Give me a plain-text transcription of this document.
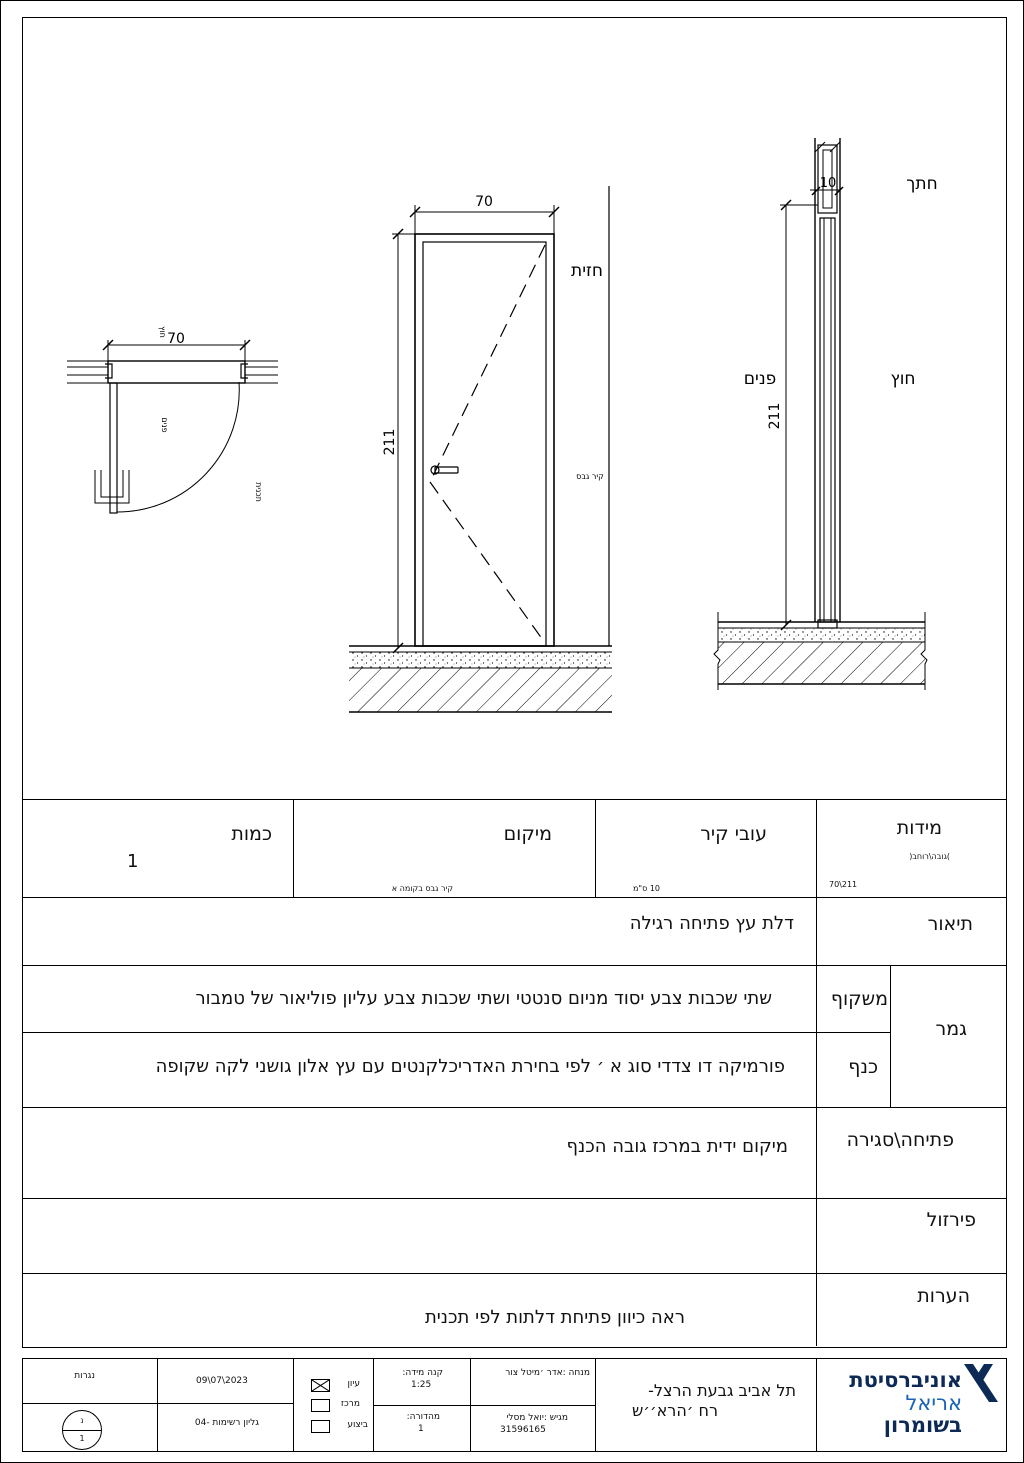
70
חוץ
פנים
תכנית
70
211
חזית
קיר גבס
10
211
חתך
פנים	חוץ
מידות
)גובה\רוחב(
70\211
עובי קיר
10 ס"מ
מיקום
קיר גבס בקומה א
כמות
1
תיאור
דלת עץ פתיחה רגילה
גמר
משקוף
שתי שכבות צבע יסוד מניום סנטטי ושתי שכבות צבע עליון פוליאור של טמבור
כנף
פורמיקה דו צדדי סוג א ׳ לפי בחירת האדריכלקנטים עם עץ אלון גושני לקה שקופה
פתיחה\סגירה
מיקום ידית במרכז גובה הכנף
פירזול
הערות
ראה כיוון פתיחת דלתות לפי תכנית
אוניברסיטת
אריאל
בשומרון
תל אביב גבעת הרצל-
רח ׳הרא׳׳ש
מנחה :אדר ׳מיטל צור
מגיש :יואל מסלי
31596165
קנה מידה:
1:25
מהדורה:
1
עיון
מרכז
ביצוע
09\07\2023
גליון רשימות -04
נגרות
נ
1
